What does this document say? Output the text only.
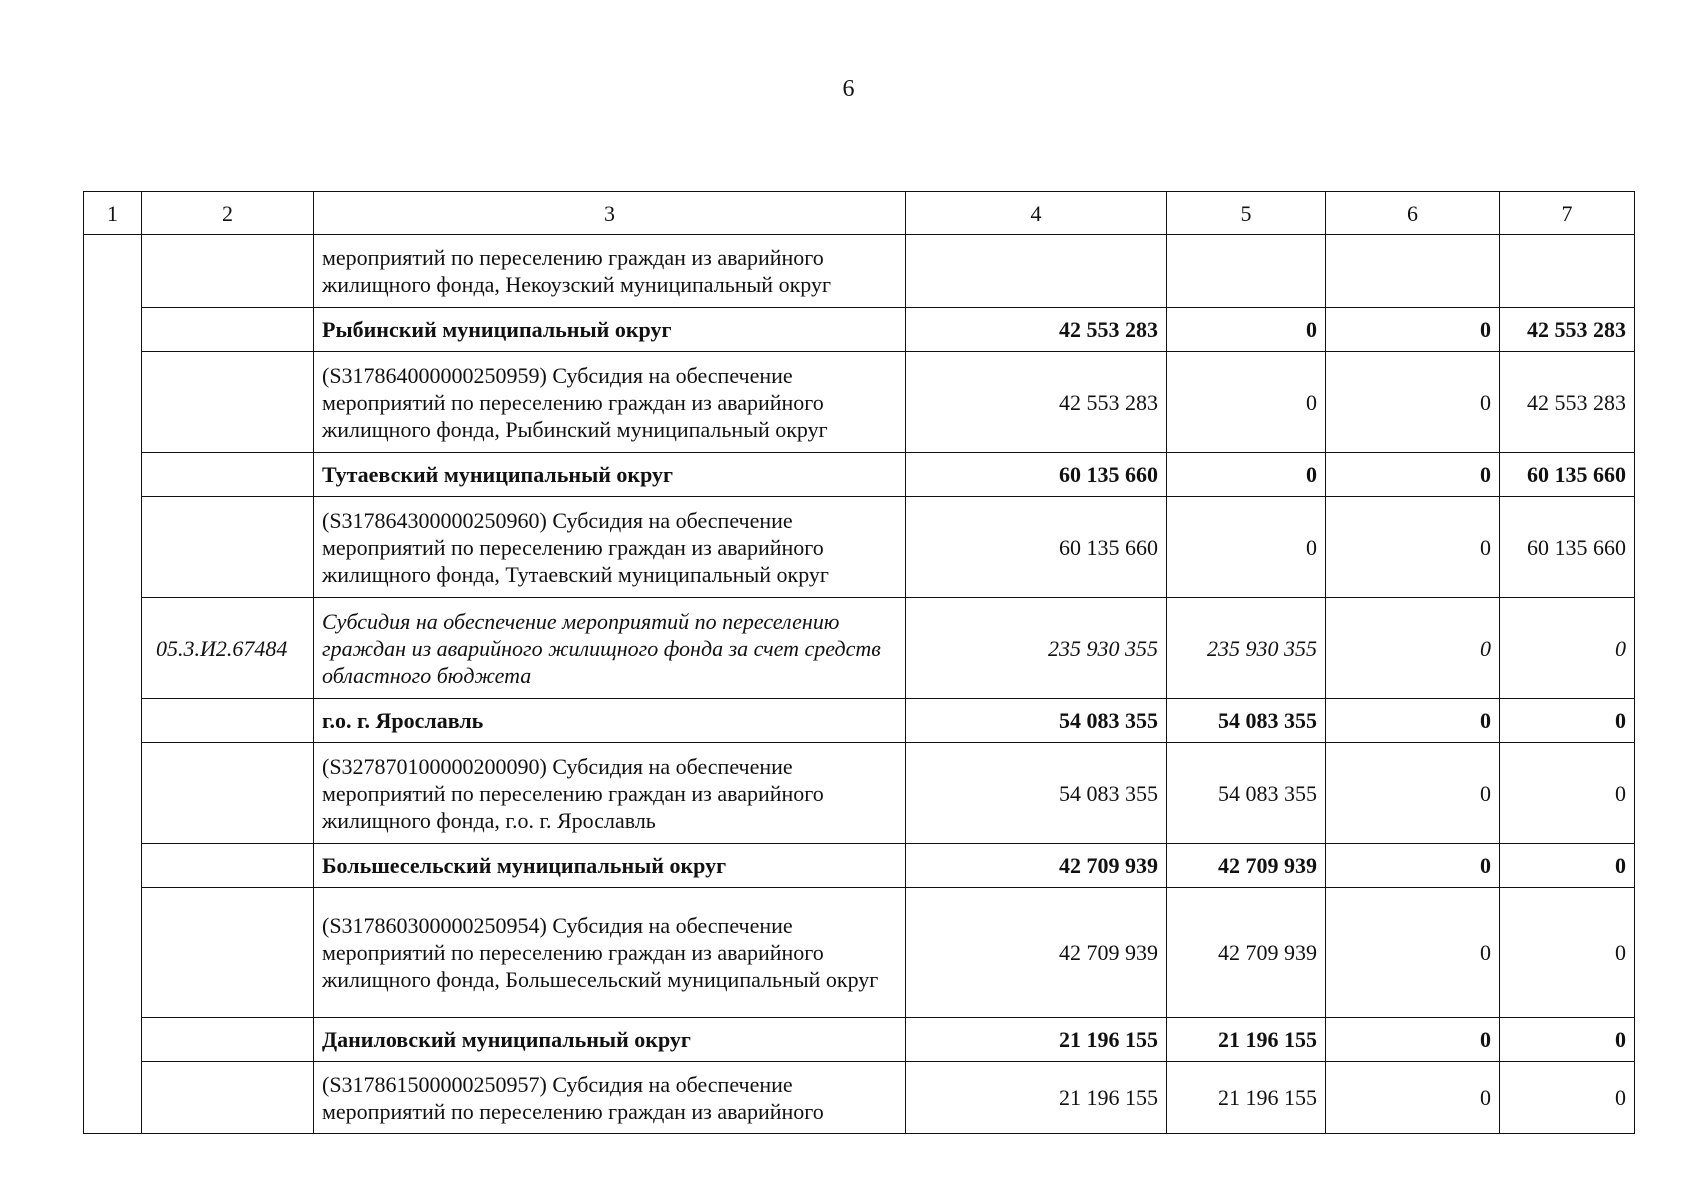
6
1	2	3	4	5	6	7
		мероприятий по переселению граждан из аварийного жилищного фонда, Некоузский муниципальный округ				
		Рыбинский муниципальный округ	42 553 283	0	0	42 553 283
		(S317864000000250959) Субсидия на обеспечение мероприятий по переселению граждан из аварийного жилищного фонда, Рыбинский муниципальный округ	42 553 283	0	0	42 553 283
		Тутаевский муниципальный округ	60 135 660	0	0	60 135 660
		(S317864300000250960) Субсидия на обеспечение мероприятий по переселению граждан из аварийного жилищного фонда, Тутаевский муниципальный округ	60 135 660	0	0	60 135 660
	05.3.И2.67484	Субсидия на обеспечение мероприятий по переселению граждан из аварийного жилищного фонда за счет средств областного бюджета	235 930 355	235 930 355	0	0
		г.о. г. Ярославль	54 083 355	54 083 355	0	0
		(S327870100000200090) Субсидия на обеспечение мероприятий по переселению граждан из аварийного жилищного фонда, г.о. г. Ярославль	54 083 355	54 083 355	0	0
		Большесельский муниципальный округ	42 709 939	42 709 939	0	0
		(S317860300000250954) Субсидия на обеспечение мероприятий по переселению граждан из аварийного жилищного фонда, Большесельский муниципальный округ	42 709 939	42 709 939	0	0
		Даниловский муниципальный округ	21 196 155	21 196 155	0	0
		(S317861500000250957) Субсидия на обеспечение мероприятий по переселению граждан из аварийного	21 196 155	21 196 155	0	0
